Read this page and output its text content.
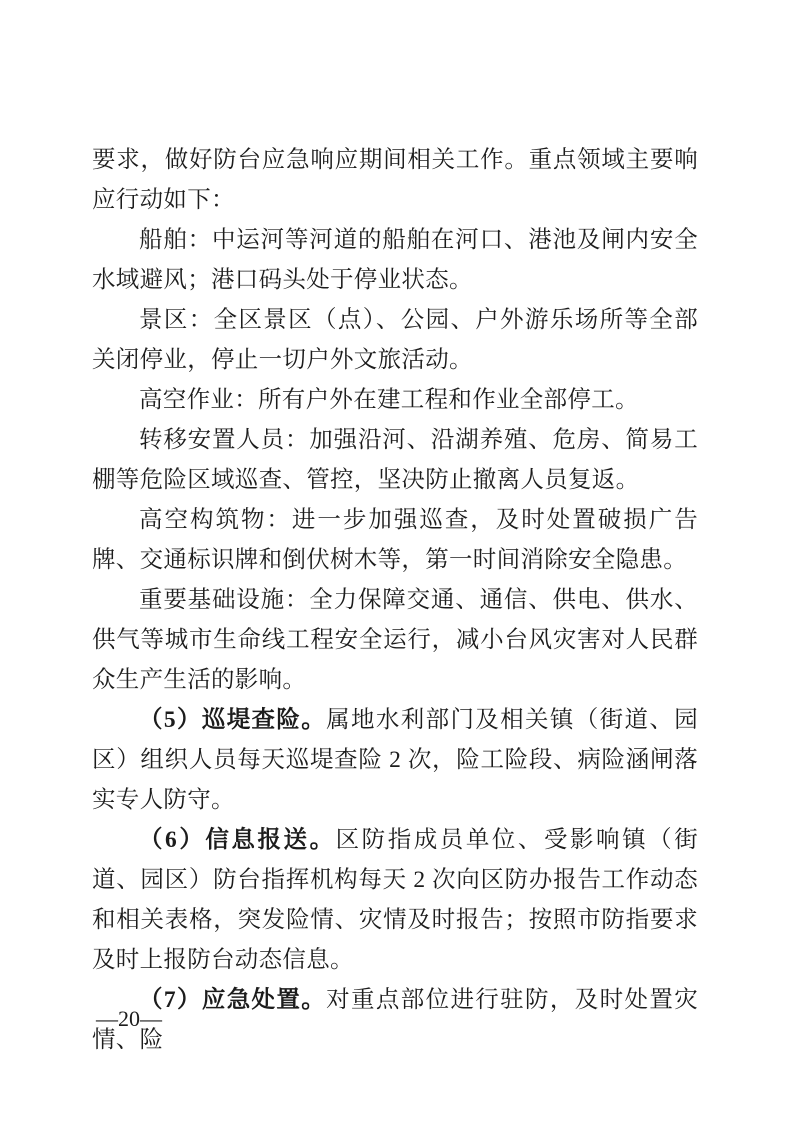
要求，做好防台应急响应期间相关工作。重点领域主要响应行动如下：

船舶：中运河等河道的船舶在河口、港池及闸内安全水域避风；港口码头处于停业状态。

景区：全区景区（点）、公园、户外游乐场所等全部关闭停业，停止一切户外文旅活动。

高空作业：所有户外在建工程和作业全部停工。

转移安置人员：加强沿河、沿湖养殖、危房、简易工棚等危险区域巡查、管控，坚决防止撤离人员复返。

高空构筑物：进一步加强巡查，及时处置破损广告牌、交通标识牌和倒伏树木等，第一时间消除安全隐患。

重要基础设施：全力保障交通、通信、供电、供水、供气等城市生命线工程安全运行，减小台风灾害对人民群众生产生活的影响。

（5）巡堤查险。属地水利部门及相关镇（街道、园区）组织人员每天巡堤查险 2 次，险工险段、病险涵闸落实专人防守。

（6）信息报送。区防指成员单位、受影响镇（街道、园区）防台指挥机构每天 2 次向区防办报告工作动态和相关表格，突发险情、灾情及时报告；按照市防指要求及时上报防台动态信息。

（7）应急处置。对重点部位进行驻防，及时处置灾情、险

—20—
